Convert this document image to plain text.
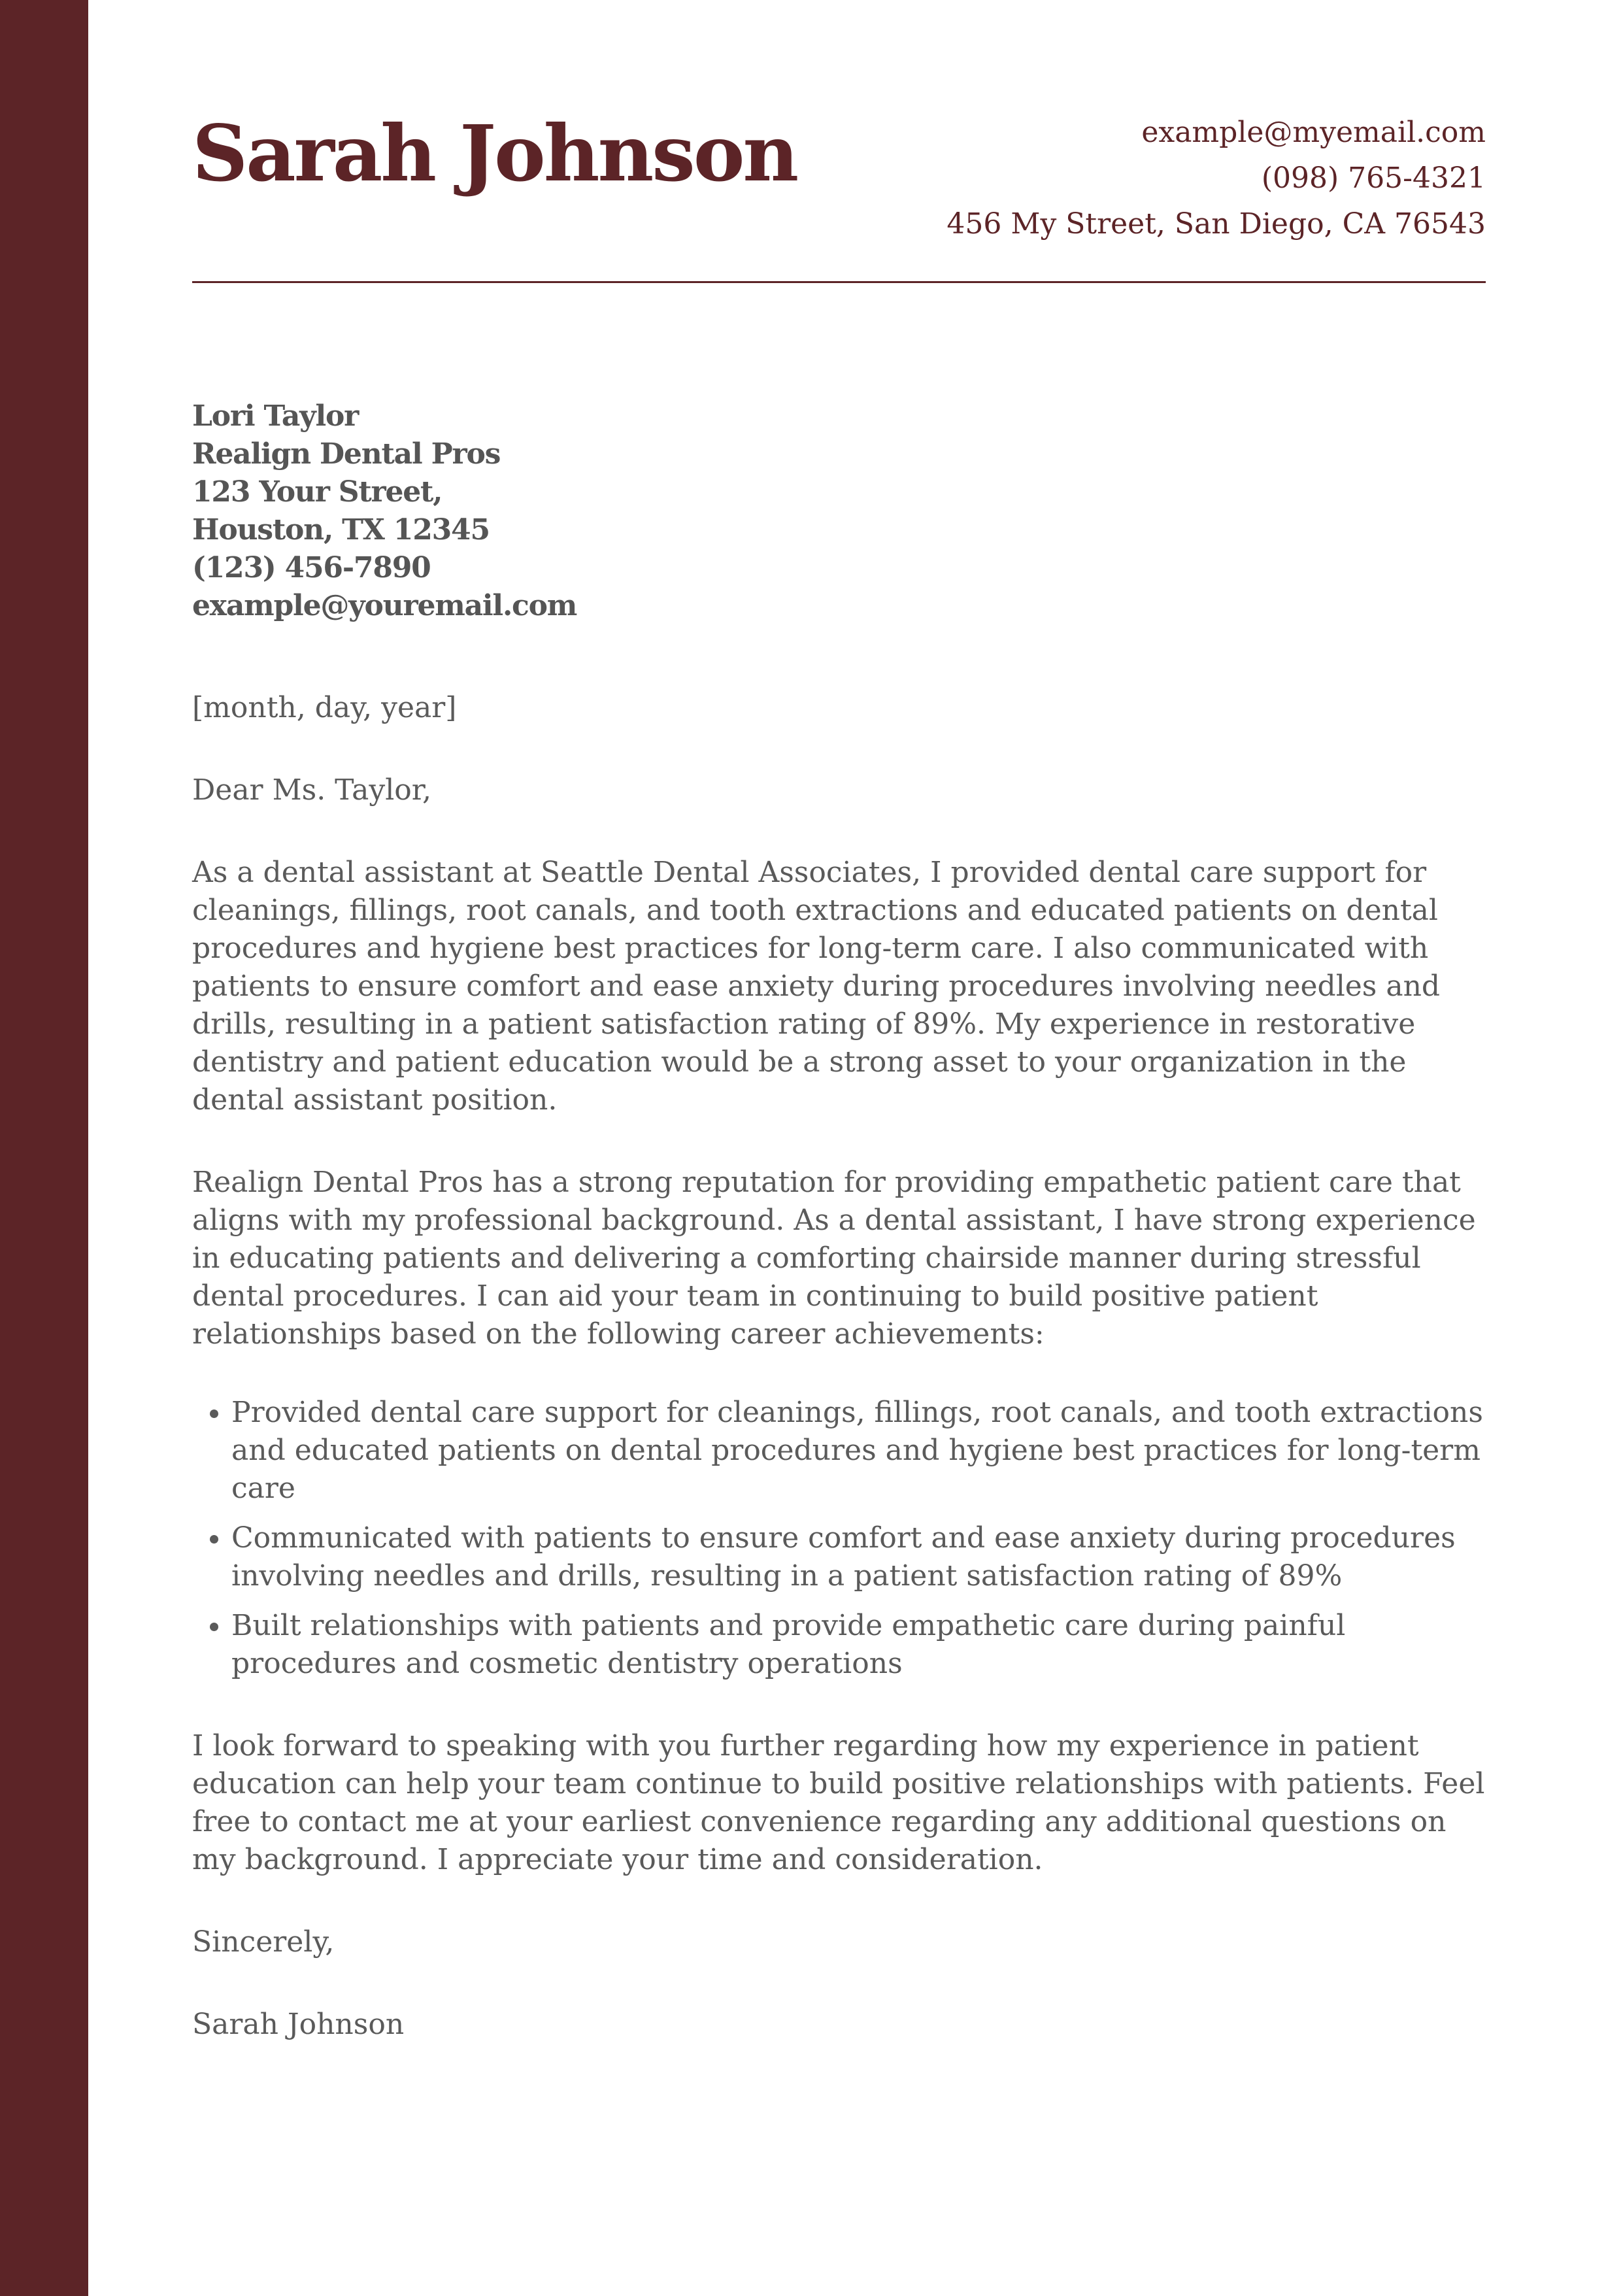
Sarah Johnson	example@myemail.com
(098) 765-4321
456 My Street, San Diego, CA 76543
Lori Taylor
Realign Dental Pros
123 Your Street,
Houston, TX 12345
(123) 456-7890
example@youremail.com

[month, day, year]

Dear Ms. Taylor,

As a dental assistant at Seattle Dental Associates, I provided dental care support for cleanings, fillings, root canals, and tooth extractions and educated patients on dental procedures and hygiene best practices for long-term care. I also communicated with patients to ensure comfort and ease anxiety during procedures involving needles and drills, resulting in a patient satisfaction rating of 89%. My experience in restorative dentistry and patient education would be a strong asset to your organization in the dental assistant position.

Realign Dental Pros has a strong reputation for providing empathetic patient care that aligns with my professional background. As a dental assistant, I have strong experience in educating patients and delivering a comforting chairside manner during stressful dental procedures. I can aid your team in continuing to build positive patient relationships based on the following career achievements:

• Provided dental care support for cleanings, fillings, root canals, and tooth extractions and educated patients on dental procedures and hygiene best practices for long-term care
• Communicated with patients to ensure comfort and ease anxiety during procedures involving needles and drills, resulting in a patient satisfaction rating of 89%
• Built relationships with patients and provide empathetic care during painful procedures and cosmetic dentistry operations

I look forward to speaking with you further regarding how my experience in patient education can help your team continue to build positive relationships with patients. Feel free to contact me at your earliest convenience regarding any additional questions on my background. I appreciate your time and consideration.

Sincerely,

Sarah Johnson
